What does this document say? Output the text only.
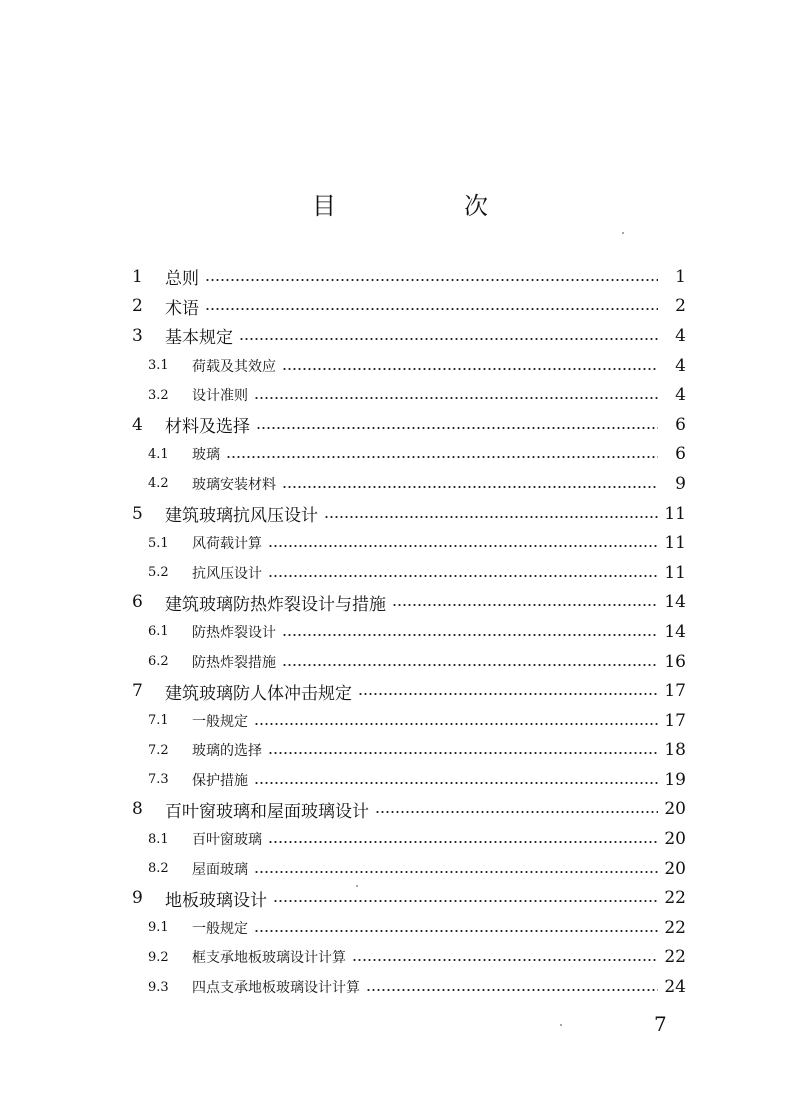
目　次
1	总则	1
2	术语	2
3	基本规定	4
3.1	荷载及其效应	4
3.2	设计准则	4
4	材料及选择	6
4.1	玻璃	6
4.2	玻璃安装材料	9
5	建筑玻璃抗风压设计	11
5.1	风荷载计算	11
5.2	抗风压设计	11
6	建筑玻璃防热炸裂设计与措施	14
6.1	防热炸裂设计	14
6.2	防热炸裂措施	16
7	建筑玻璃防人体冲击规定	17
7.1	一般规定	17
7.2	玻璃的选择	18
7.3	保护措施	19
8	百叶窗玻璃和屋面玻璃设计	20
8.1	百叶窗玻璃	20
8.2	屋面玻璃	20
9	地板玻璃设计	22
9.1	一般规定	22
9.2	框支承地板玻璃设计计算	22
9.3	四点支承地板玻璃设计计算	24
7
